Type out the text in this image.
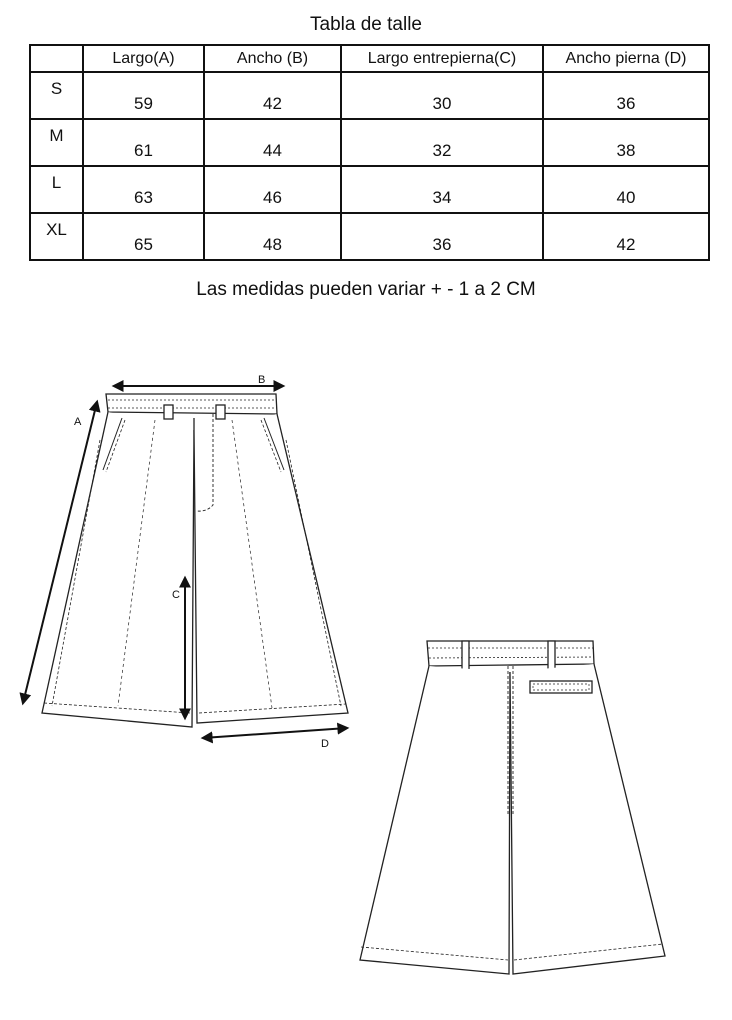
Tabla de talle
	Largo(A)	Ancho (B)	Largo entrepierna(C)	Ancho pierna (D)
S	59	42	30	36
M	61	44	32	38
L	63	46	34	40
XL	65	48	36	42
Las medidas pueden variar + - 1 a 2 CM
B
A
C
D
